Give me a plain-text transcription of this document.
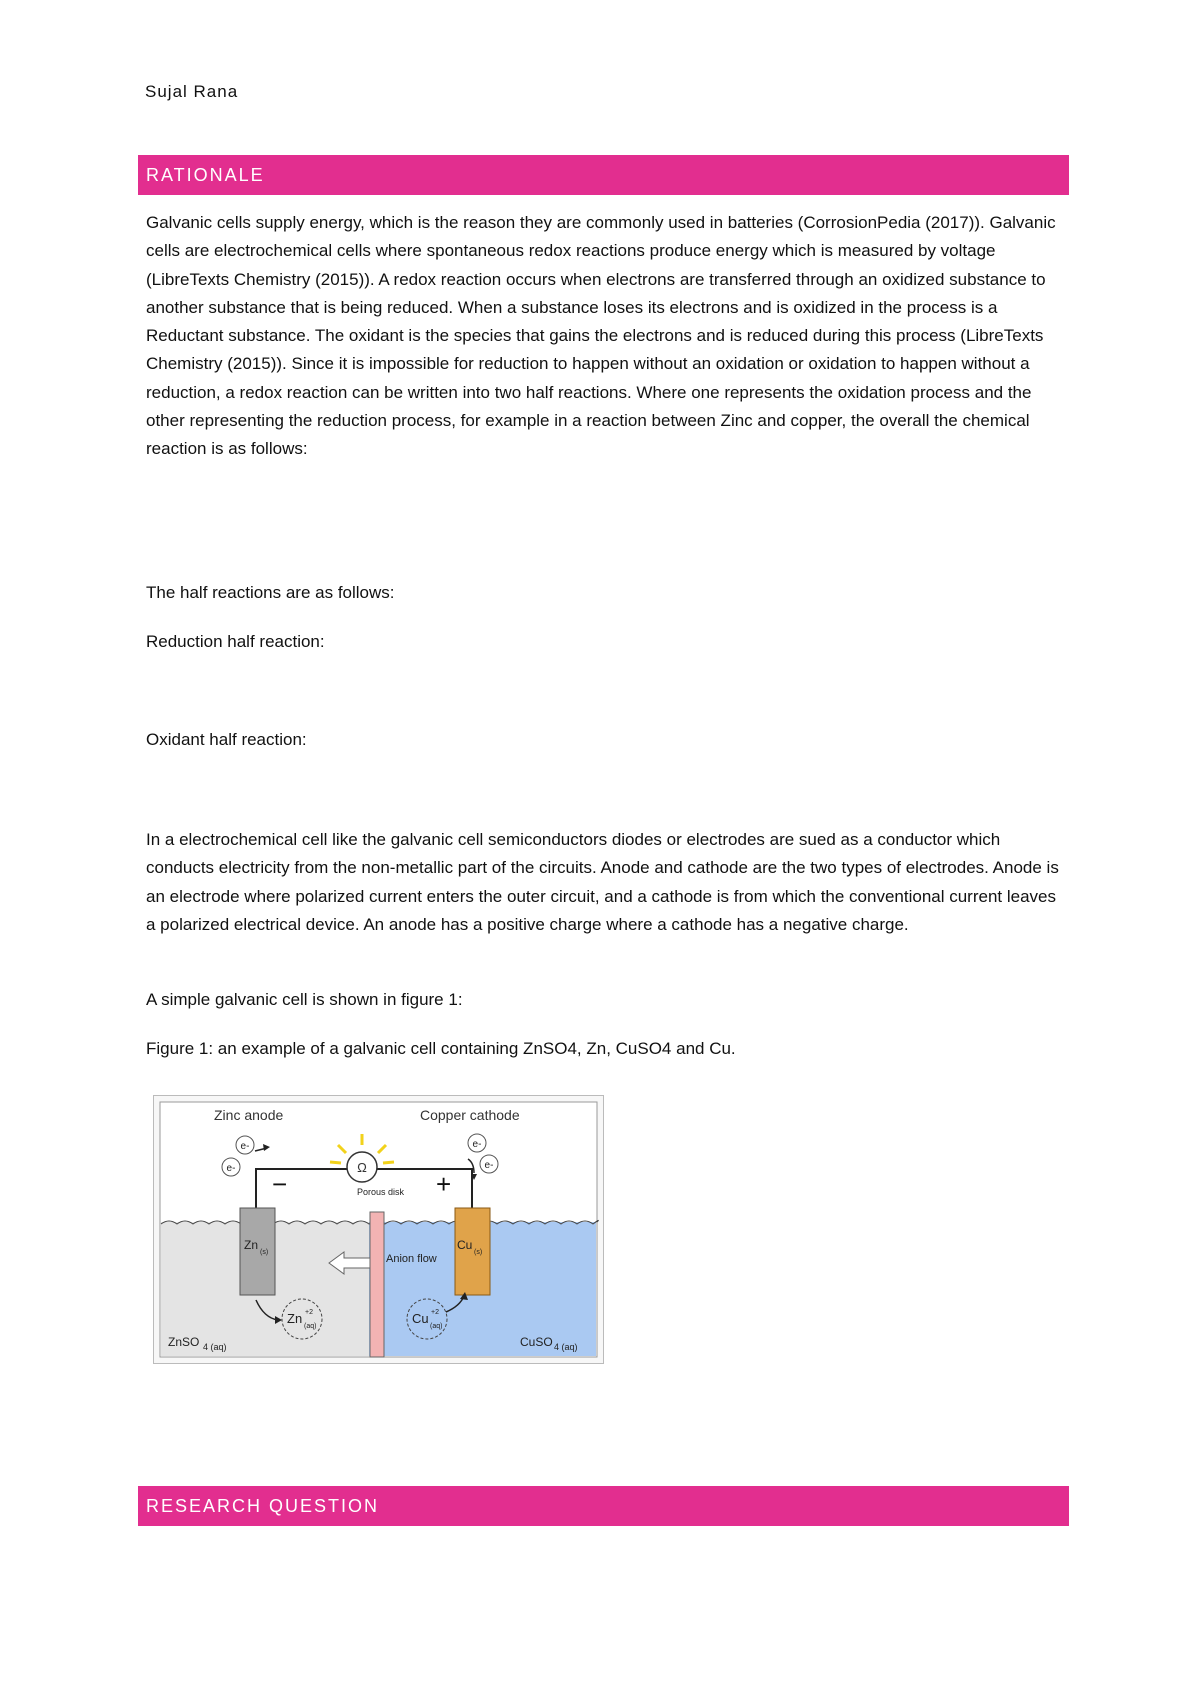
Sujal Rana
RATIONALE

Galvanic cells supply energy, which is the reason they are commonly used in batteries (CorrosionPedia (2017)). Galvanic cells are electrochemical cells where spontaneous redox reactions produce energy which is measured by voltage (LibreTexts Chemistry (2015)). A redox reaction occurs when electrons are transferred through an oxidized substance to another substance that is being reduced. When a substance loses its electrons and is oxidized in the process is a Reductant substance. The oxidant is the species that gains the electrons and is reduced during this process (LibreTexts Chemistry (2015)). Since it is impossible for reduction to happen without an oxidation or oxidation to happen without a reduction, a redox reaction can be written into two half reactions. Where one represents the oxidation process and the other representing the reduction process, for example in a reaction between Zinc and copper, the overall the chemical reaction is as follows:

The half reactions are as follows:

Reduction half reaction:

Oxidant half reaction:

In a electrochemical cell like the galvanic cell semiconductors diodes or electrodes are sued as a conductor which conducts electricity from the non-metallic part of the circuits. Anode and cathode are the two types of electrodes. Anode is an electrode where polarized current enters the outer circuit, and a cathode is from which the conventional current leaves a polarized electrical device. An anode has a positive charge where a cathode has a negative charge.

A simple galvanic cell is shown in figure 1:

Figure 1: an example of a galvanic cell containing ZnSO4, Zn, CuSO4 and Cu.

Ω
Zn
(s)
Cu
(s)
−	+
Zinc anode	Copper cathode
e-
e-
e-
e-
Porous disk
Anion flow
Zn +2
(aq)
Cu +2
(aq)
ZnSO 4 (aq)	CuSO 4 (aq)
RESEARCH QUESTION
